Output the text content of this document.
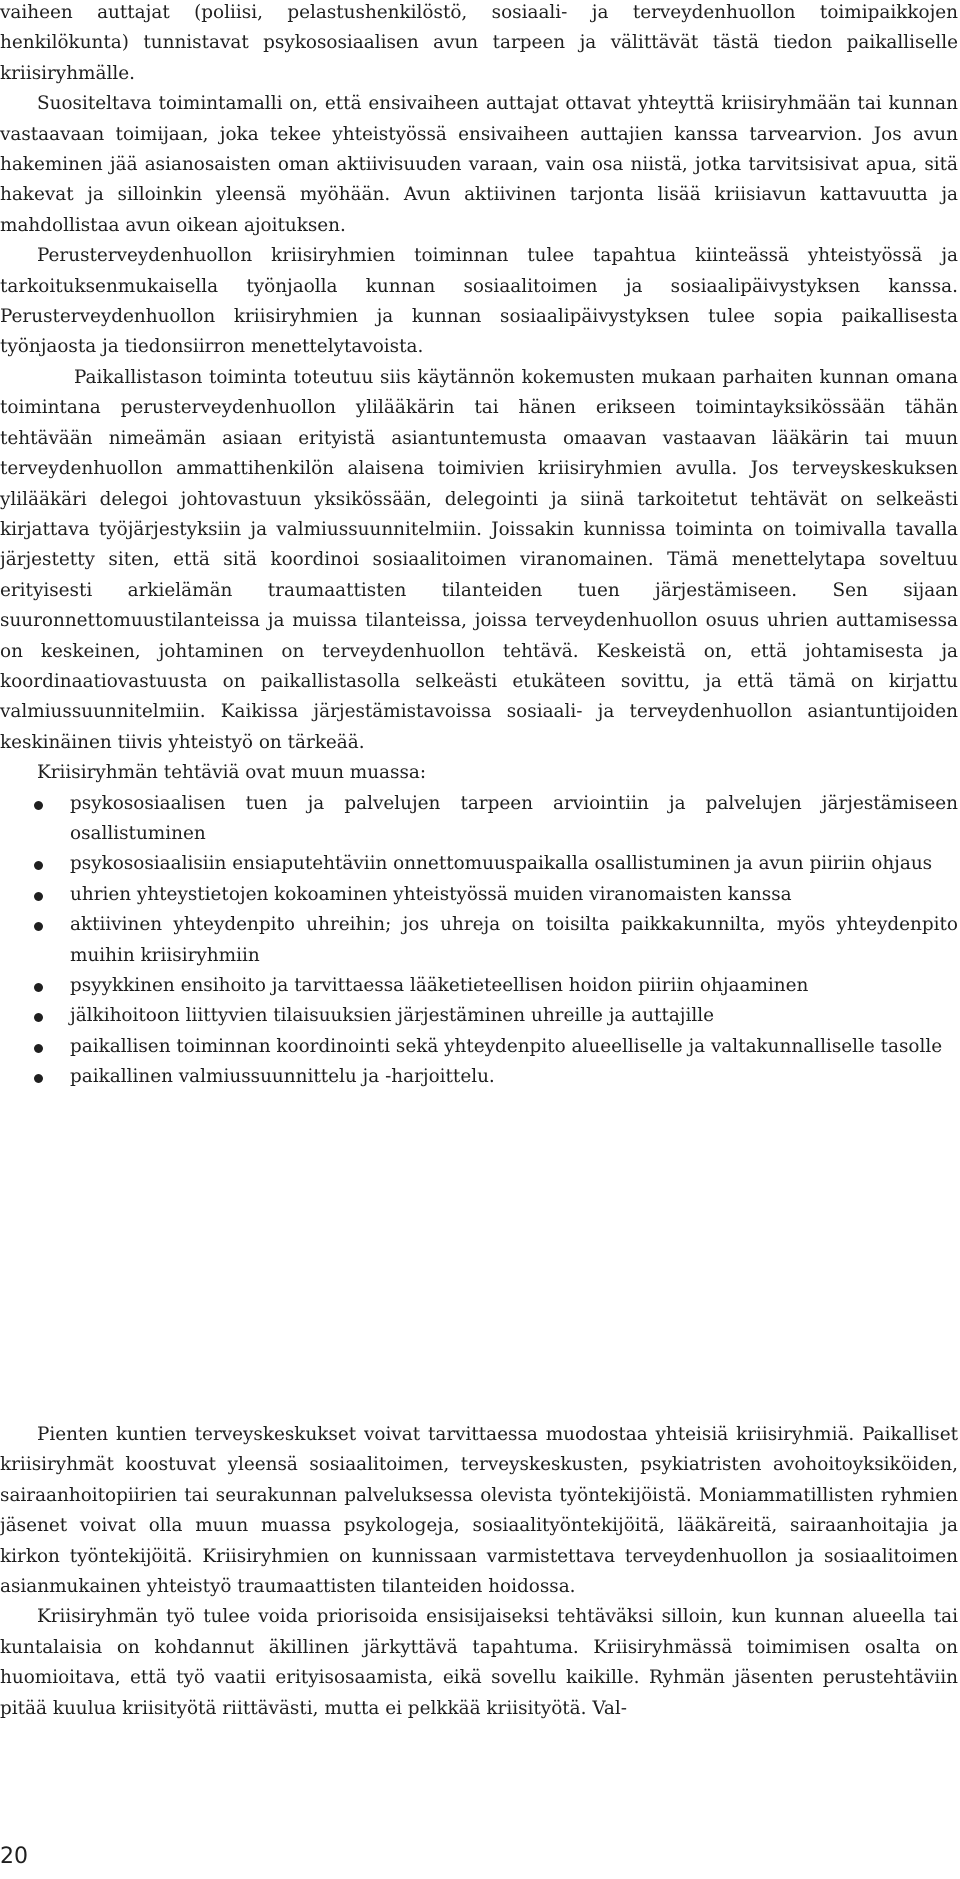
vaiheen auttajat (poliisi, pelastushenkilöstö, sosiaali- ja terveydenhuollon toimipaikkojen henkilökunta) tunnistavat psykososiaalisen avun tarpeen ja välittävät tästä tiedon paikalliselle kriisiryhmälle.

Suositeltava toimintamalli on, että ensivaiheen auttajat ottavat yhteyttä kriisiryhmään tai kunnan vastaavaan toimijaan, joka tekee yhteistyössä ensivaiheen auttajien kanssa tarvearvion. Jos avun hakeminen jää asianosaisten oman aktiivisuuden varaan, vain osa niistä, jotka tarvitsisivat apua, sitä hakevat ja silloinkin yleensä myöhään. Avun aktiivinen tarjonta lisää kriisiavun kattavuutta ja mahdollistaa avun oikean ajoituksen.

Perusterveydenhuollon kriisiryhmien toiminnan tulee tapahtua kiinteässä yhteistyössä ja tarkoituksenmukaisella työnjaolla kunnan sosiaalitoimen ja sosiaalipäivystyksen kanssa. Perusterveydenhuollon kriisiryhmien ja kunnan sosiaalipäivystyksen tulee sopia paikallisesta työnjaosta ja tiedonsiirron menettelytavoista.

Paikallistason toiminta toteutuu siis käytännön kokemusten mukaan parhaiten kunnan omana toimintana perusterveydenhuollon ylilääkärin tai hänen erikseen toimintayksikössään tähän tehtävään nimeämän asiaan erityistä asiantuntemusta omaavan vastaavan lääkärin tai muun terveydenhuollon ammattihenkilön alaisena toimivien kriisiryhmien avulla. Jos terveyskeskuksen ylilääkäri delegoi johtovastuun yksikössään, delegointi ja siinä tarkoitetut tehtävät on selkeästi kirjattava työjärjestyksiin ja valmiussuunnitelmiin. Joissakin kunnissa toiminta on toimivalla tavalla järjestetty siten, että sitä koordinoi sosiaalitoimen viranomainen. Tämä menettelytapa soveltuu erityisesti arkielämän traumaattisten tilanteiden tuen järjestämiseen. Sen sijaan suuronnettomuustilanteissa ja muissa tilanteissa, joissa terveydenhuollon osuus uhrien auttamisessa on keskeinen, johtaminen on terveydenhuollon tehtävä. Keskeistä on, että johtamisesta ja koordinaatiovastuusta on paikallistasolla selkeästi etukäteen sovittu, ja että tämä on kirjattu valmiussuunnitelmiin. Kaikissa järjestämistavoissa sosiaali- ja terveydenhuollon asiantuntijoiden keskinäinen tiivis yhteistyö on tärkeää.

Kriisiryhmän tehtäviä ovat muun muassa:

psykososiaalisen tuen ja palvelujen tarpeen arviointiin ja palvelujen järjestämiseen osallistuminen
psykososiaalisiin ensiaputehtäviin onnettomuuspaikalla osallistuminen ja avun piiriin ohjaus
uhrien yhteystietojen kokoaminen yhteistyössä muiden viranomaisten kanssa
aktiivinen yhteydenpito uhreihin; jos uhreja on toisilta paikkakunnilta, myös yhteydenpito muihin kriisiryhmiin
psyykkinen ensihoito ja tarvittaessa lääketieteellisen hoidon piiriin ohjaaminen
jälkihoitoon liittyvien tilaisuuksien järjestäminen uhreille ja auttajille
paikallisen toiminnan koordinointi sekä yhteydenpito alueelliselle ja valtakunnalliselle tasolle
paikallinen valmiussuunnittelu ja -harjoittelu.

Pienten kuntien terveyskeskukset voivat tarvittaessa muodostaa yhteisiä kriisiryhmiä. Paikalliset kriisiryhmät koostuvat yleensä sosiaalitoimen, terveyskeskusten, psykiatristen avohoitoyksiköiden, sairaanhoitopiirien tai seurakunnan palveluksessa olevista työntekijöistä. Moniammatillisten ryhmien jäsenet voivat olla muun muassa psykologeja, sosiaalityöntekijöitä, lääkäreitä, sairaanhoitajia ja kirkon työntekijöitä. Kriisiryhmien on kunnissaan varmistettava terveydenhuollon ja sosiaalitoimen asianmukainen yhteistyö traumaattisten tilanteiden hoidossa.

Kriisiryhmän työ tulee voida priorisoida ensisijaiseksi tehtäväksi silloin, kun kunnan alueella tai kuntalaisia on kohdannut äkillinen järkyttävä tapahtuma. Kriisiryhmässä toimimisen osalta on huomioitava, että työ vaatii erityisosaamista, eikä sovellu kaikille. Ryhmän jäsenten perustehtäviin pitää kuulua kriisityötä riittävästi, mutta ei pelkkää kriisityötä. Val-

20
